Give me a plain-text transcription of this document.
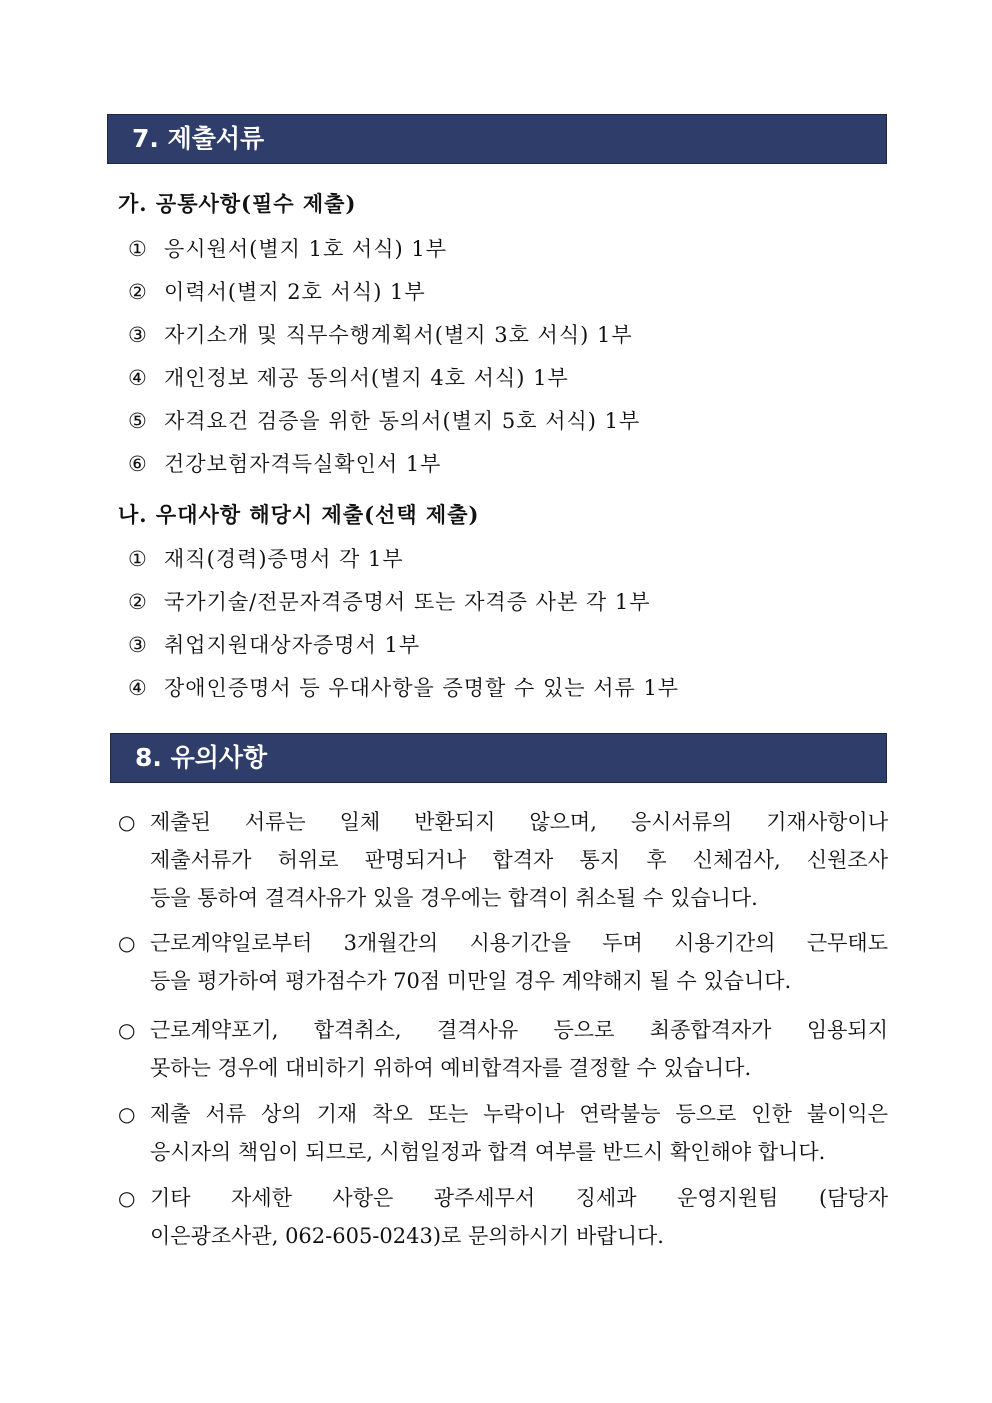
7. 제출서류
가. 공통사항(필수 제출)
① 응시원서(별지 1호 서식) 1부
② 이력서(별지 2호 서식) 1부
③ 자기소개 및 직무수행계획서(별지 3호 서식) 1부
④ 개인정보 제공 동의서(별지 4호 서식) 1부
⑤ 자격요건 검증을 위한 동의서(별지 5호 서식) 1부
⑥ 건강보험자격득실확인서 1부
나. 우대사항 해당시 제출(선택 제출)
① 재직(경력)증명서 각 1부
② 국가기술/전문자격증명서 또는 자격증 사본 각 1부
③ 취업지원대상자증명서 1부
④ 장애인증명서 등 우대사항을 증명할 수 있는 서류 1부
8. 유의사항
○ 제출된 서류는 일체 반환되지 않으며, 응시서류의 기재사항이나
제출서류가 허위로 판명되거나 합격자 통지 후 신체검사, 신원조사
등을 통하여 결격사유가 있을 경우에는 합격이 취소될 수 있습니다.
○ 근로계약일로부터 3개월간의 시용기간을 두며 시용기간의 근무태도
등을 평가하여 평가점수가 70점 미만일 경우 계약해지 될 수 있습니다.
○ 근로계약포기, 합격취소, 결격사유 등으로 최종합격자가 임용되지
못하는 경우에 대비하기 위하여 예비합격자를 결정할 수 있습니다.
○ 제출 서류 상의 기재 착오 또는 누락이나 연락불능 등으로 인한 불이익은
응시자의 책임이 되므로, 시험일정과 합격 여부를 반드시 확인해야 합니다.
○ 기타 자세한 사항은 광주세무서 징세과 운영지원팀 (담당자
이은광조사관, 062-605-0243)로 문의하시기 바랍니다.
